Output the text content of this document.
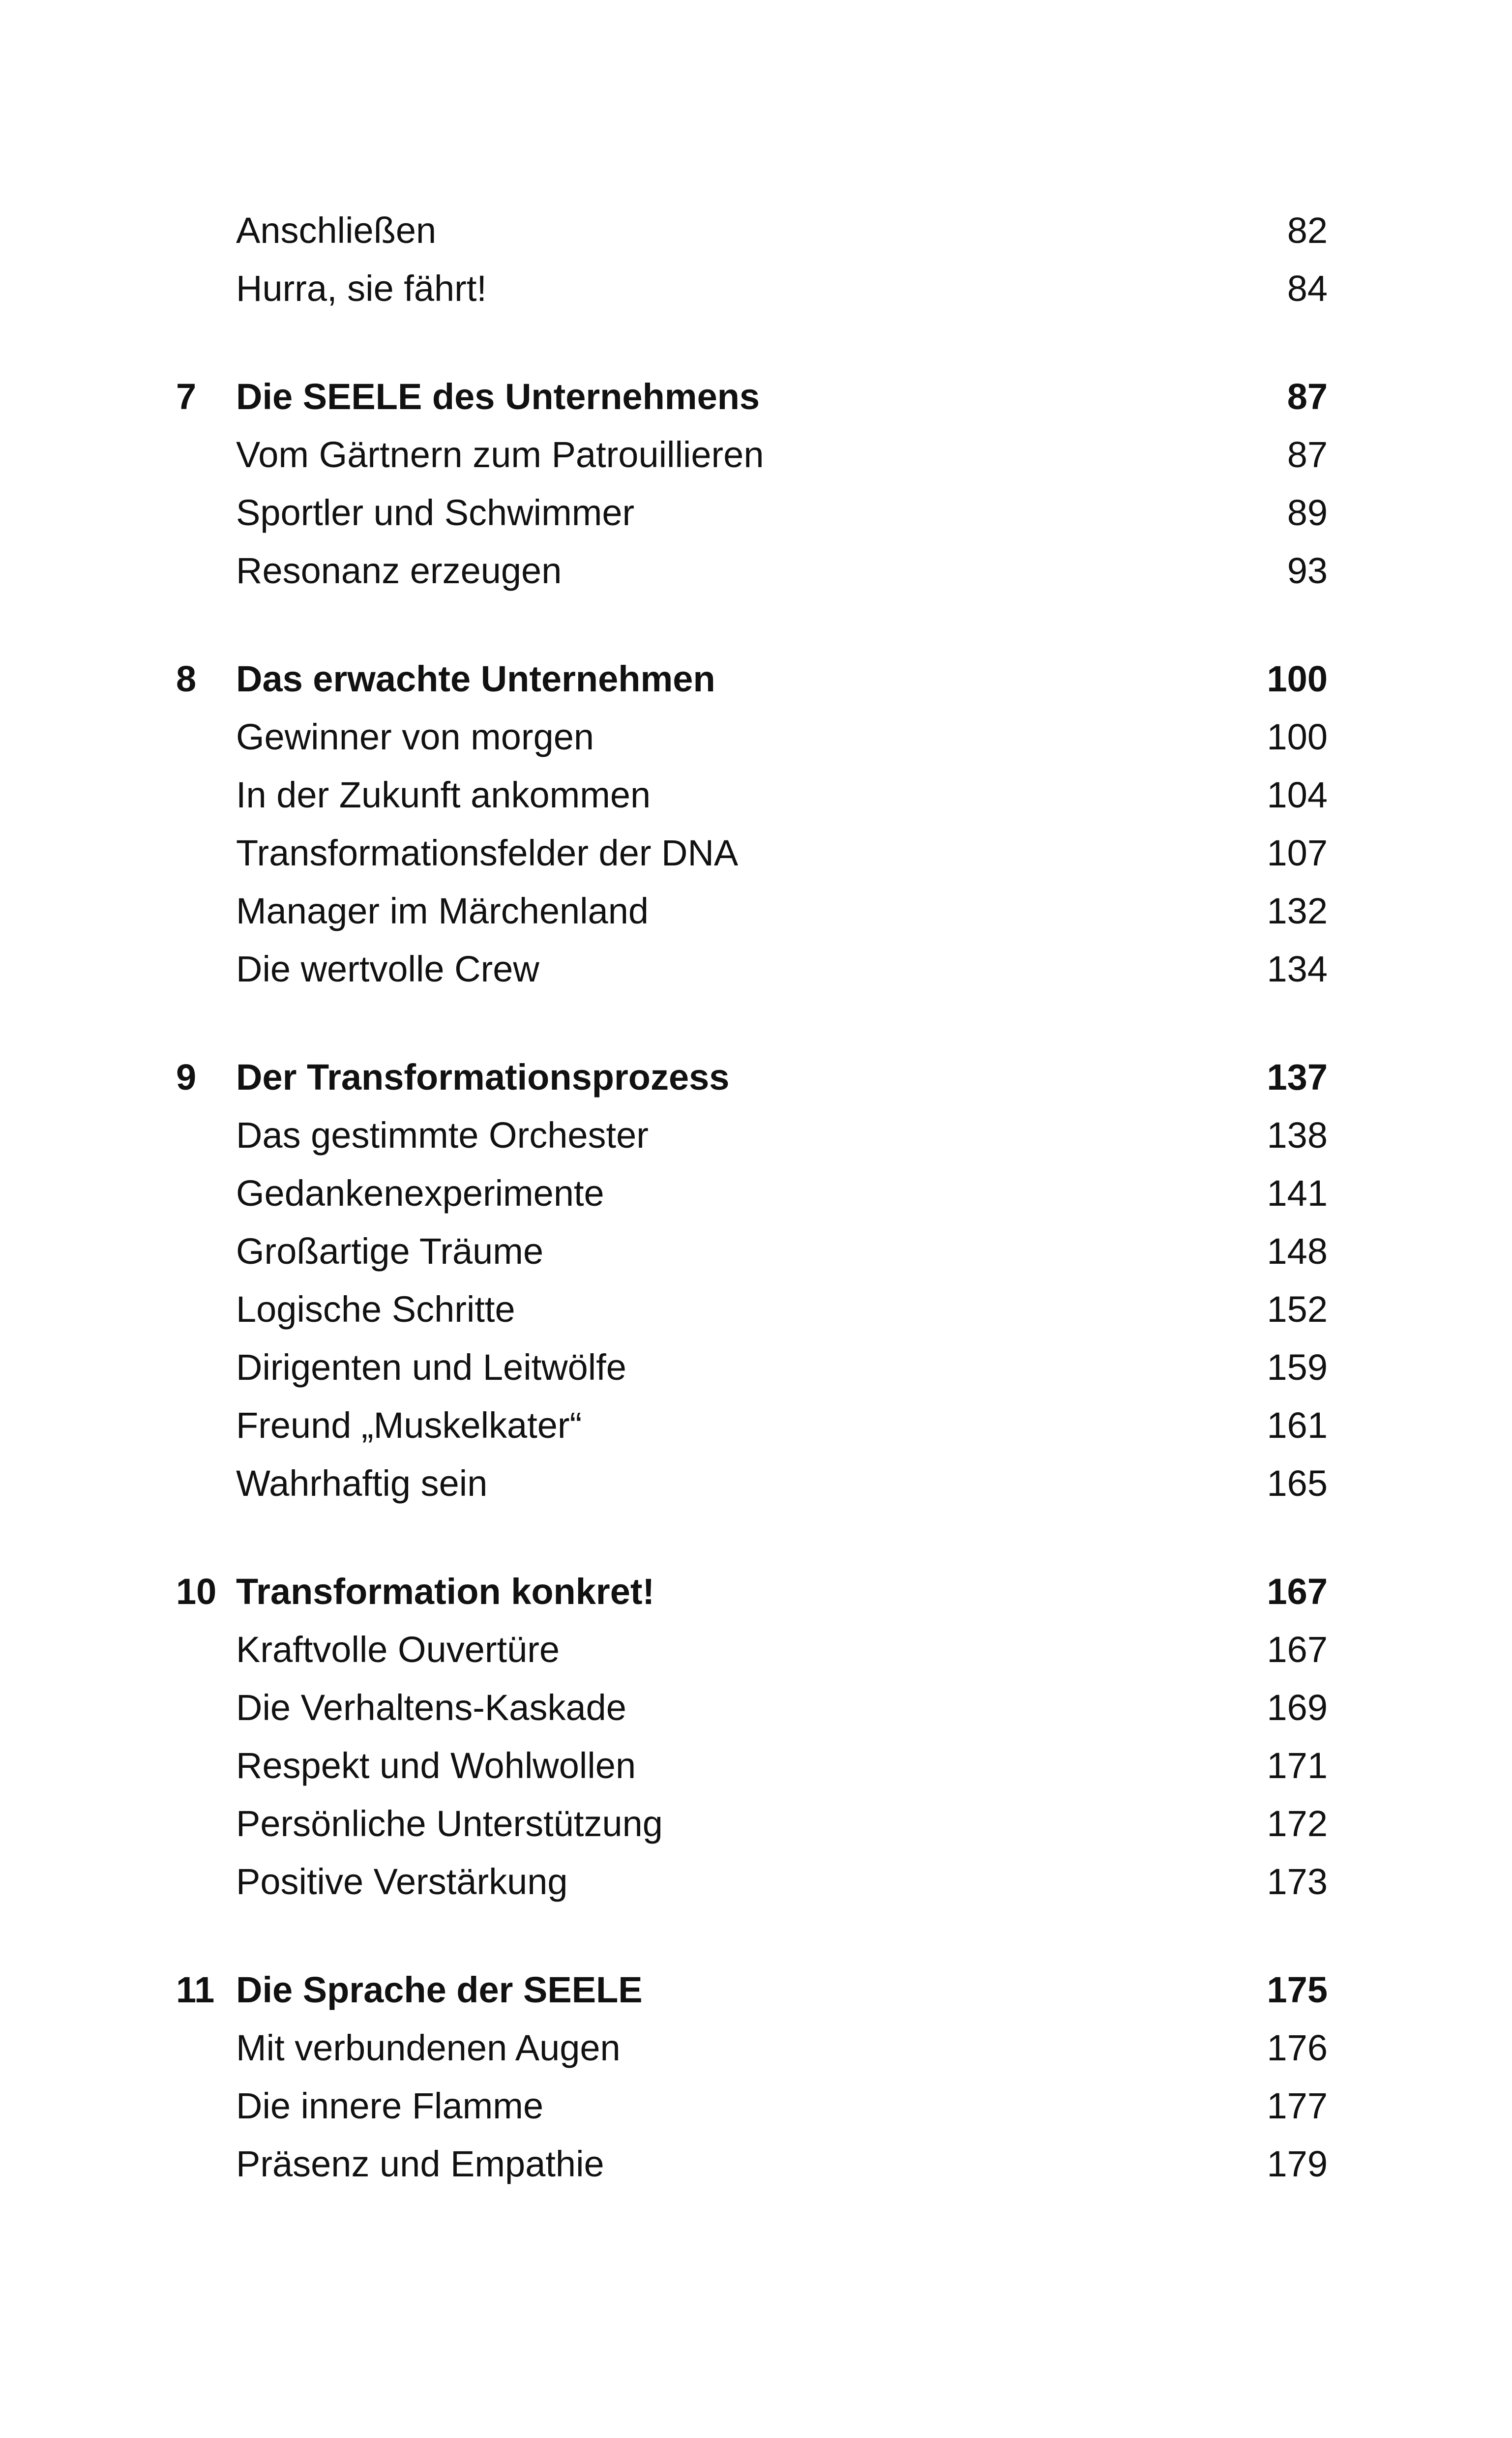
Anschließen	82
Hurra, sie fährt!	84
7	Die SEELE des Unternehmens	87
Vom Gärtnern zum Patrouillieren	87
Sportler und Schwimmer	89
Resonanz erzeugen	93
8	Das erwachte Unternehmen	100
Gewinner von morgen	100
In der Zukunft ankommen	104
Transformationsfelder der DNA	107
Manager im Märchenland	132
Die wertvolle Crew	134
9	Der Transformationsprozess	137
Das gestimmte Orchester	138
Gedankenexperimente	141
Großartige Träume	148
Logische Schritte	152
Dirigenten und Leitwölfe	159
Freund „Muskelkater“	161
Wahrhaftig sein	165
10 Transformation konkret!	167
Kraftvolle Ouvertüre	167
Die Verhaltens-Kaskade	169
Respekt und Wohlwollen	171
Persönliche Unterstützung	172
Positive Verstärkung	173
11 Die Sprache der SEELE	175
Mit verbundenen Augen	176
Die innere Flamme	177
Präsenz und Empathie	179
